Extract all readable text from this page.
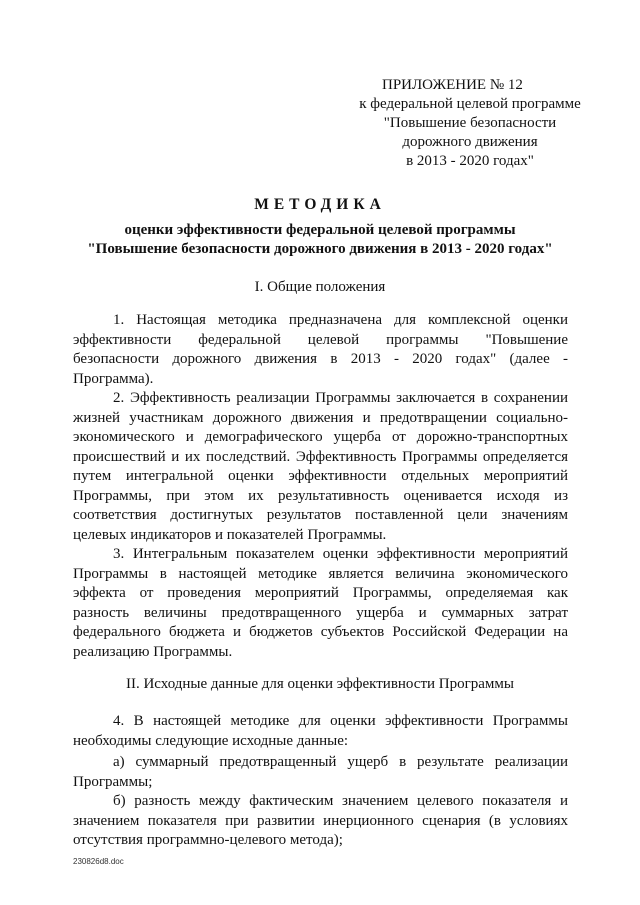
ПРИЛОЖЕНИЕ № 12
к федеральной целевой программе
"Повышение безопасности
дорожного движения
в 2013 - 2020 годах"
МЕТОДИКА
оценки эффективности федеральной целевой программы
"Повышение безопасности дорожного движения в 2013 - 2020 годах"
I. Общие положения
1. Настоящая методика предназначена для комплексной оценки
эффективности федеральной целевой программы "Повышение
безопасности дорожного движения в 2013 - 2020 годах" (далее -
Программа).
2. Эффективность реализации Программы заключается в сохранении
жизней участникам дорожного движения и предотвращении социально-
экономического и демографического ущерба от дорожно-транспортных
происшествий и их последствий. Эффективность Программы определяется
путем интегральной оценки эффективности отдельных мероприятий
Программы, при этом их результативность оценивается исходя из
соответствия достигнутых результатов поставленной цели значениям
целевых индикаторов и показателей Программы.
3. Интегральным показателем оценки эффективности мероприятий
Программы в настоящей методике является величина экономического
эффекта от проведения мероприятий Программы, определяемая как
разность величины предотвращенного ущерба и суммарных затрат
федерального бюджета и бюджетов субъектов Российской Федерации на
реализацию Программы.
II. Исходные данные для оценки эффективности Программы
4. В настоящей методике для оценки эффективности Программы
необходимы следующие исходные данные:
а) суммарный предотвращенный ущерб в результате реализации
Программы;
б) разность между фактическим значением целевого показателя и
значением показателя при развитии инерционного сценария (в условиях
отсутствия программно-целевого метода);
230826d8.doc
